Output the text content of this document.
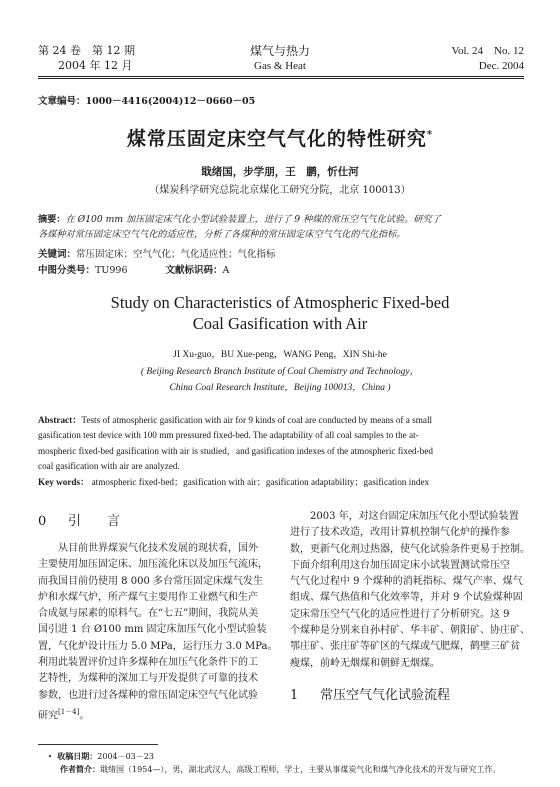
第 24 卷　第 12 期
2004 年 12 月
煤气与热力
Gas & Heat
Vol. 24　No. 12
Dec. 2004
文章编号：1000－4416(2004)12－0660－05
煤常压固定床空气气化的特性研究*
戢绪国，步学朋，王　鹏，忻仕河
（煤炭科学研究总院北京煤化工研究分院，北京 100013）
摘要：在 Ø100 mm 加压固定床气化小型试验装置上，进行了 9 种煤的常压空气气化试验。研究了
各煤种对常压固定床空气气化的适应性，分析了各煤种的常压固定床空气气化的气化指标。
关键词：常压固定床；空气气化；气化适应性；气化指标
中图分类号：TU996	文献标识码：A
Study on Characteristics of Atmospheric Fixed-bed
Coal Gasification with Air
JI Xu-guo，BU Xue-peng，WANG Peng，XIN Shi-he
( Beijing Research Branch Institute of Coal Chemistry and Technology，
China Coal Research Institute，Beijing 100013，China )
Abstract：Tests of atmospheric gasification with air for 9 kinds of coal are conducted by means of a small
gasification test device with 100 mm pressured fixed-bed. The adaptability of all coal samples to the at-
mospheric fixed-bed gasification with air is studied，and gasification indexes of the atmospheric fixed-bed
coal gasification with air are analyzed.
Key words： atmospheric fixed-bed；gasification with air；gasification adaptability；gasification index
0 引　　言
从目前世界煤炭气化技术发展的现状看，国外
主要使用加压固定床、加压流化床以及加压气流床，
而我国目前仍使用 8 000 多台常压固定床煤气发生
炉和水煤气炉，所产煤气主要用作工业燃气和生产
合成氨与尿素的原料气。在“七五”期间，我院从美
国引进 1 台 Ø100 mm 固定床加压气化小型试验装
置，气化炉设计压力 5.0 MPa，运行压力 3.0 MPa。
利用此装置评价过许多煤种在加压气化条件下的工
艺特性，为煤种的深加工与开发提供了可靠的技术
参数，也进行过各煤种的常压固定床空气气化试验
研究[1－4]。
2003 年，对这台固定床加压气化小型试验装置
进行了技术改造，改用计算机控制气化炉的操作参
数，更新气化剂过热器，使气化试验条件更易于控制。
下面介绍利用这台加压固定床小试装置测试常压空
气气化过程中 9 个煤种的消耗指标、煤气产率、煤气
组成、煤气热值和气化效率等，并对 9 个试验煤种固
定床常压空气气化的适应性进行了分析研究。这 9
个煤种是分别来自孙村矿、华丰矿、朝阳矿、协庄矿、
鄂庄矿、张庄矿等矿区的气煤或气肥煤，鹤壁三矿贫
瘦煤，前岭无烟煤和朝鲜无烟煤。
1 常压空气气化试验流程
• 收稿日期：2004－03－23
作者简介：戢绪国（1954—），男，湖北武汉人，高级工程师，学士，主要从事煤炭气化和煤气净化技术的开发与研究工作。
